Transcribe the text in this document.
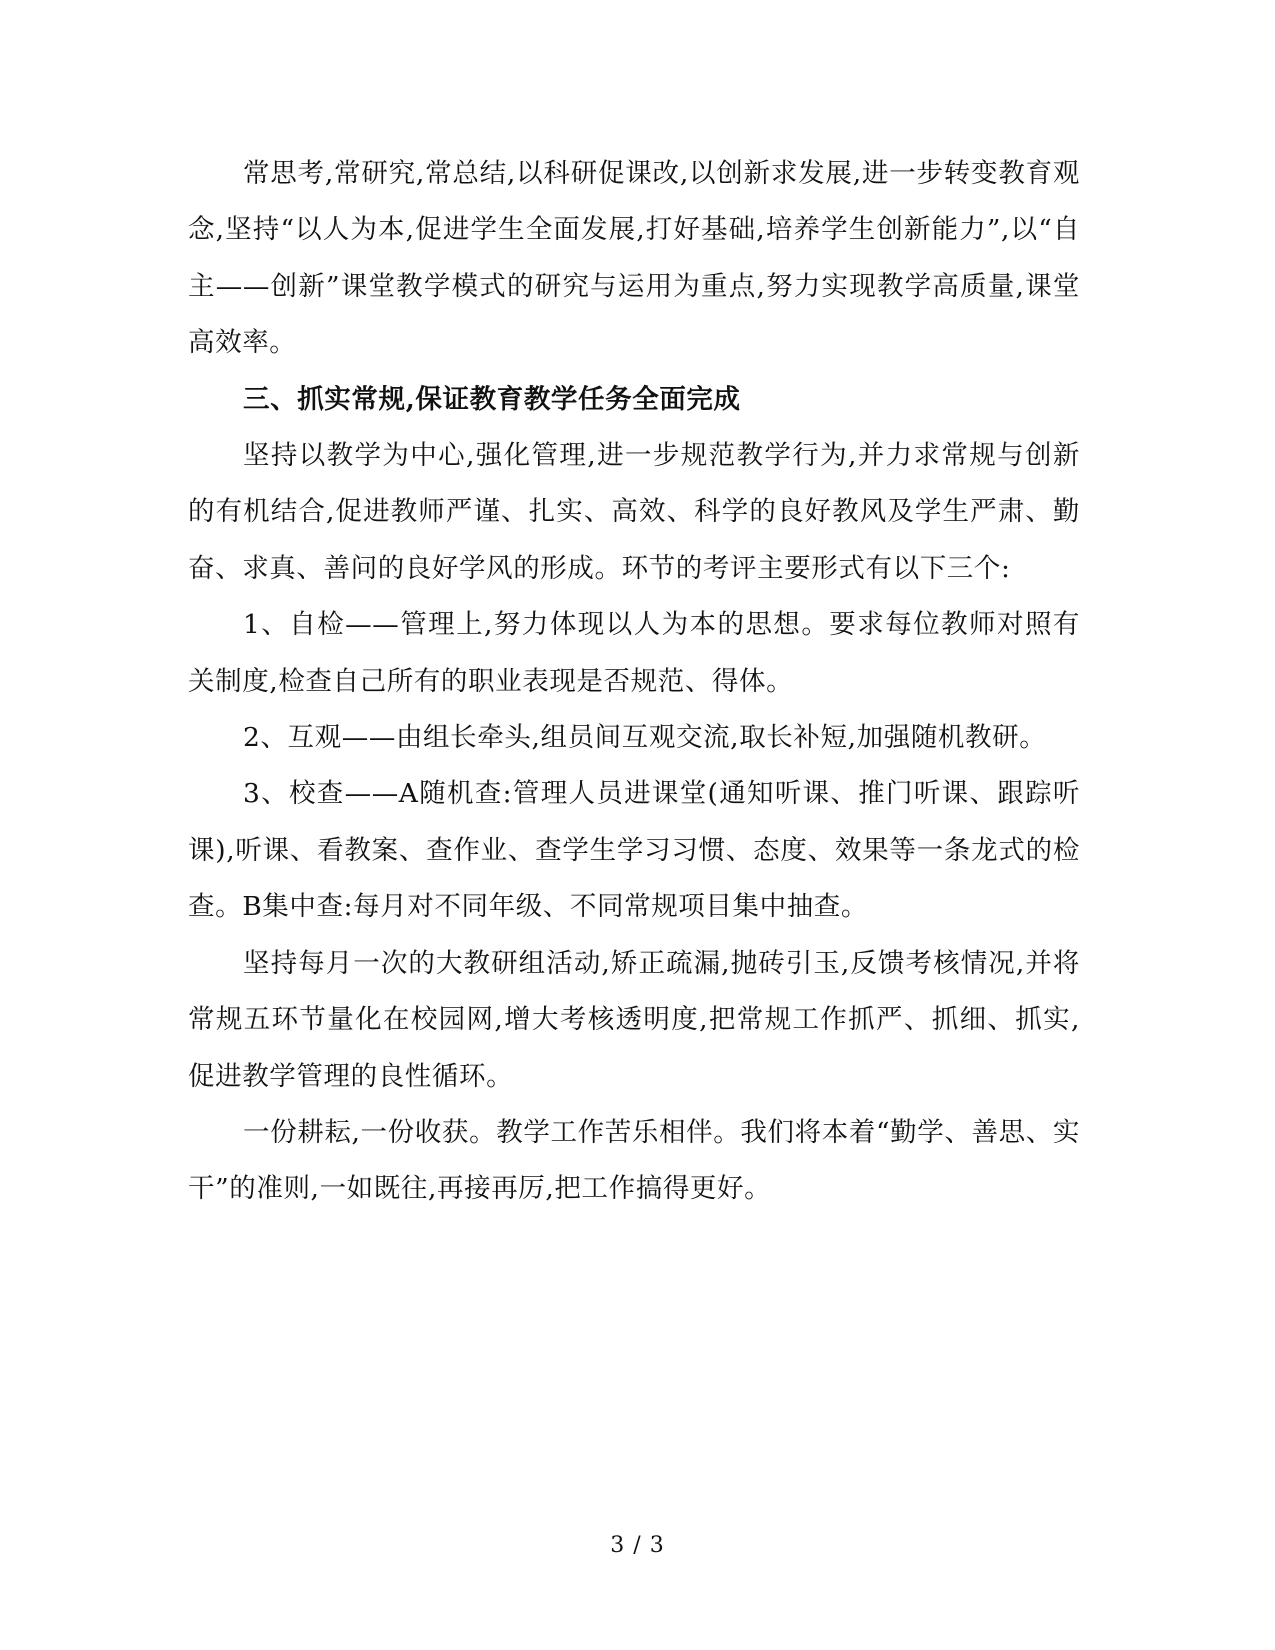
常思考,常研究,常总结,以科研促课改,以创新求发展,进一步转变教育观念,坚持“以人为本,促进学生全面发展,打好基础,培养学生创新能力”,以“自主——创新”课堂教学模式的研究与运用为重点,努力实现教学高质量,课堂高效率。

三、抓实常规,保证教育教学任务全面完成

坚持以教学为中心,强化管理,进一步规范教学行为,并力求常规与创新的有机结合,促进教师严谨、扎实、高效、科学的良好教风及学生严肃、勤奋、求真、善问的良好学风的形成。环节的考评主要形式有以下三个:

1、自检——管理上,努力体现以人为本的思想。要求每位教师对照有关制度,检查自己所有的职业表现是否规范、得体。

2、互观——由组长牵头,组员间互观交流,取长补短,加强随机教研。

3、校查——A随机查:管理人员进课堂(通知听课、推门听课、跟踪听课),听课、看教案、查作业、查学生学习习惯、态度、效果等一条龙式的检查。B集中查:每月对不同年级、不同常规项目集中抽查。

坚持每月一次的大教研组活动,矫正疏漏,抛砖引玉,反馈考核情况,并将常规五环节量化在校园网,增大考核透明度,把常规工作抓严、抓细、抓实,促进教学管理的良性循环。

一份耕耘,一份收获。教学工作苦乐相伴。我们将本着“勤学、善思、实干”的准则,一如既往,再接再厉,把工作搞得更好。

3 / 3
